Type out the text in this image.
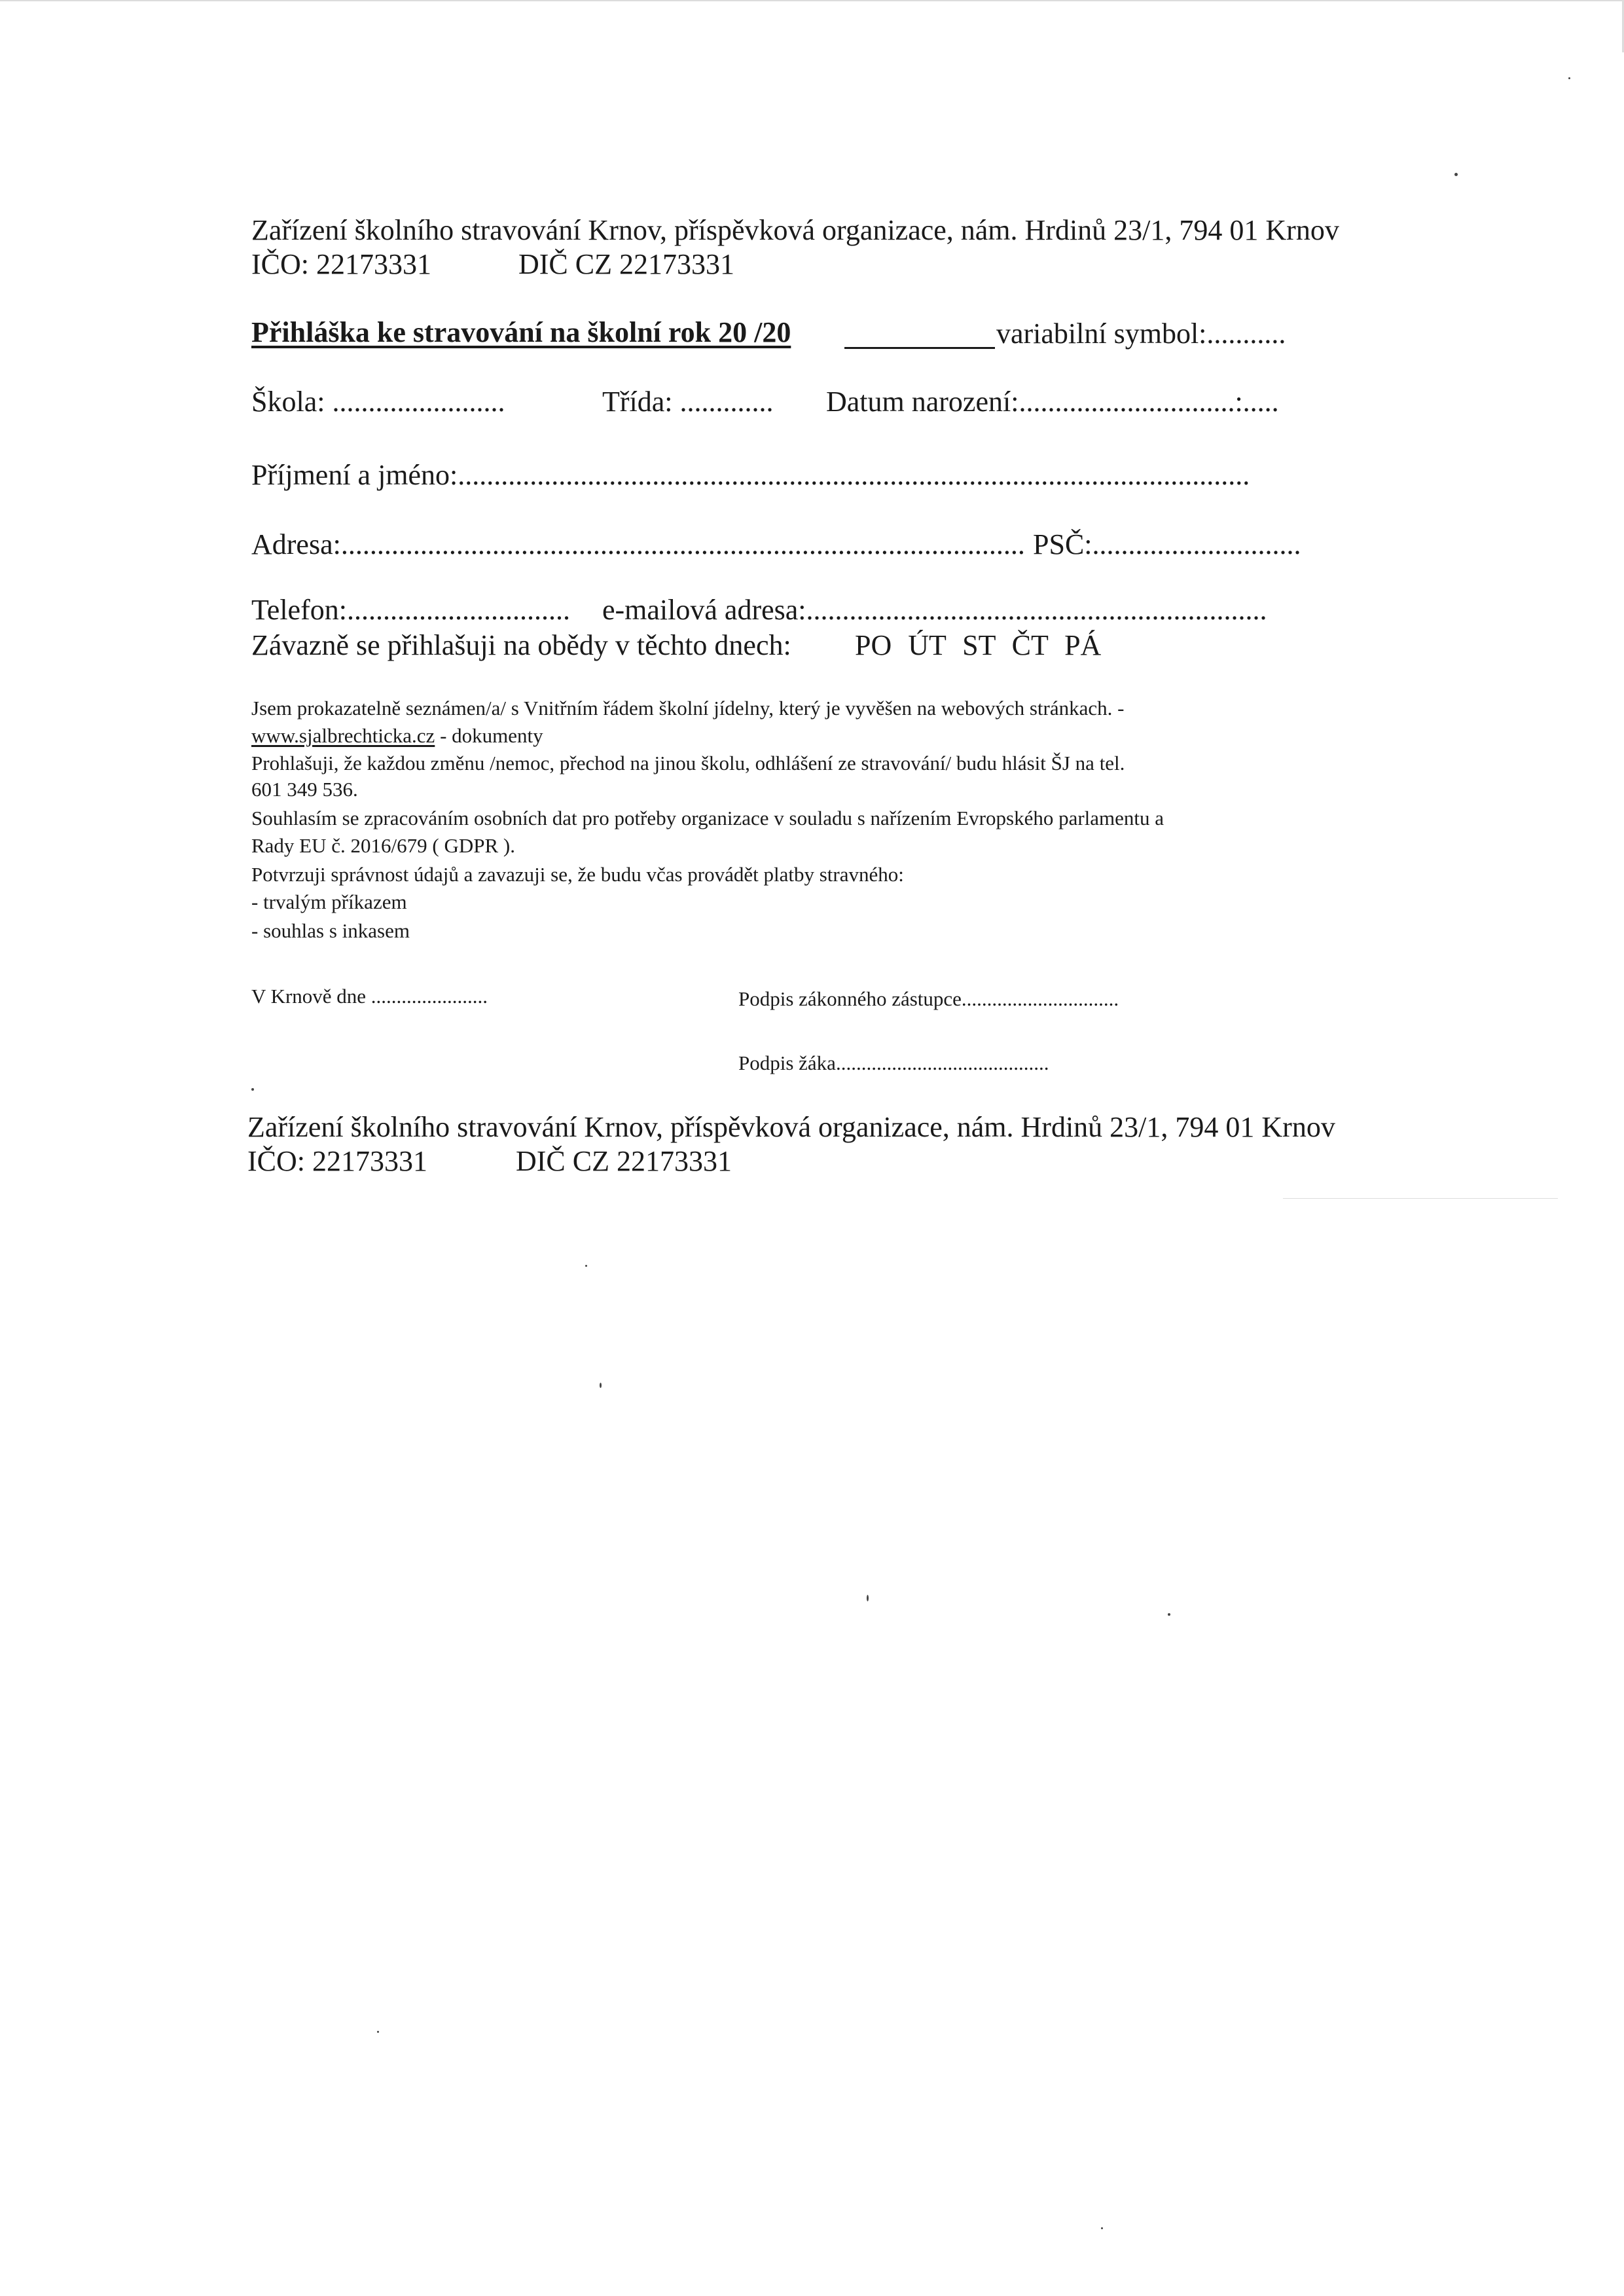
Zařízení školního stravování Krnov, příspěvková organizace, nám. Hrdinů 23/1, 794 01 Krnov
IČO: 22173331	DIČ CZ 22173331
Přihláška ke stravování na školní rok 20 /20	variabilní symbol:...........
Škola: ........................	Třída: ............. Datum narození:..............................:.....
Příjmení a jméno:..............................................................................................................
Adresa:............................................................................................... PSČ:.............................
Telefon:............................... e-mailová adresa:................................................................
Závazně se přihlašuji na obědy v těchto dnech: PO ÚT ST ČT PÁ
Jsem prokazatelně seznámen/a/ s Vnitřním řádem školní jídelny, který je vyvěšen na webových stránkach. -
www.sjalbrechticka.cz - dokumenty
Prohlašuji, že každou změnu /nemoc, přechod na jinou školu, odhlášení ze stravování/ budu hlásit ŠJ na tel.
601 349 536.
Souhlasím se zpracováním osobních dat pro potřeby organizace v souladu s nařízením Evropského parlamentu a
Rady EU č. 2016/679 ( GDPR ).
Potvrzuji správnost údajů a zavazuji se, že budu včas provádět platby stravného:
- trvalým příkazem
- souhlas s inkasem
V Krnově dne .......................	Podpis zákonného zástupce...............................
Podpis žáka..........................................
Zařízení školního stravování Krnov, příspěvková organizace, nám. Hrdinů 23/1, 794 01 Krnov
IČO: 22173331	DIČ CZ 22173331
